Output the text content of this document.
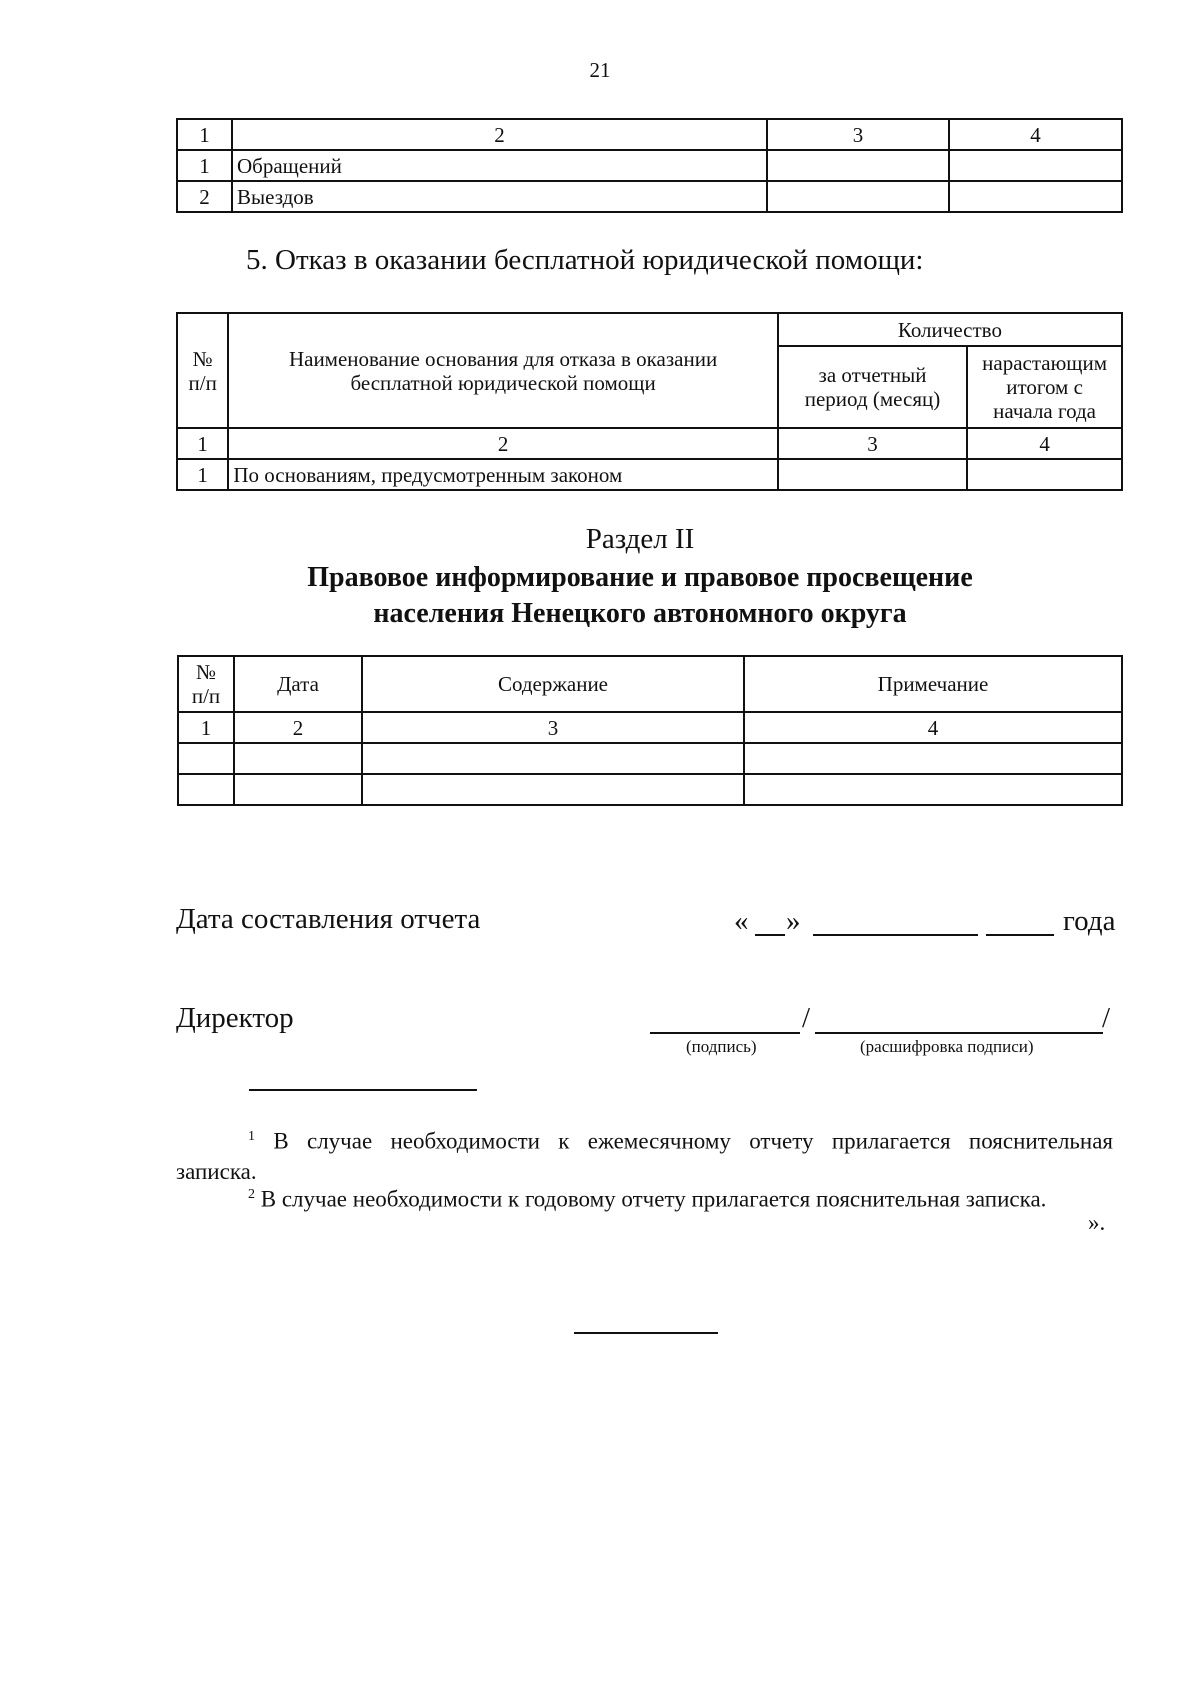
21
1	2	3	4
1	Обращений		
2	Выездов		
5. Отказ в оказании бесплатной юридической помощи:
№
п/п	Наименование основания для отказа в оказании бесплатной юридической помощи	Количество	
		за отчетный период (месяц)	нарастающим итогом с начала года
1	2	3	4
1	По основаниям, предусмотренным законом		
Раздел II
Правовое информирование и правовое просвещение
населения Ненецкого автономного округа
№
п/п	Дата	Содержание	Примечание
1	2	3	4

Дата составления отчета	« »	года
Директор	/	/
(подпись)	(расшифровка подписи)
$^1$ В случае необходимости к ежемесячному отчету прилагается пояснительная
записка.
$^2$ В случае необходимости к годовому отчету прилагается пояснительная записка.
».
